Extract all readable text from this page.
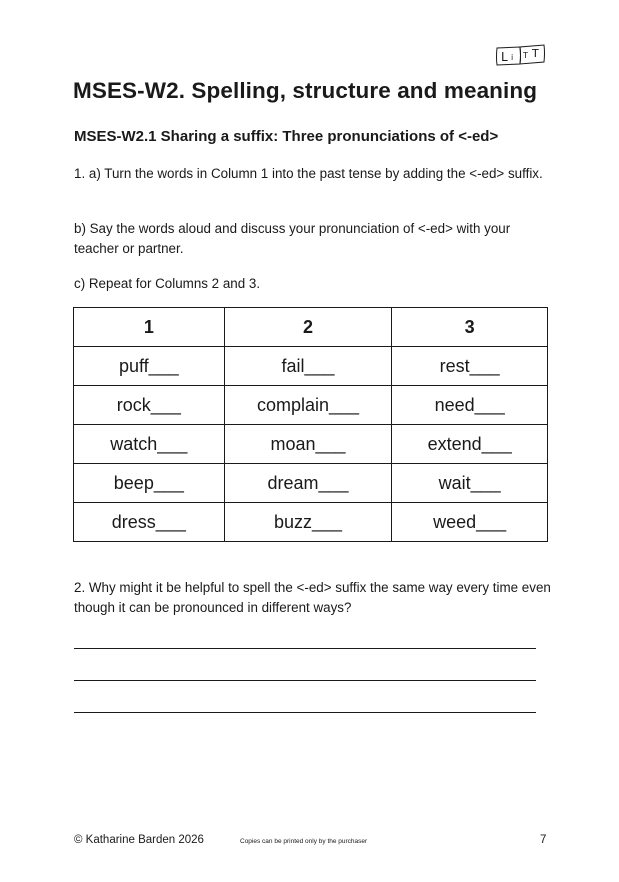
L i T T
MSES-W2. Spelling, structure and meaning
MSES-W2.1 Sharing a suffix: Three pronunciations of <-ed>
1. a) Turn the words in Column 1 into the past tense by adding the <-ed> suffix.
b) Say the words aloud and discuss your pronunciation of <-ed> with your teacher or partner.
c) Repeat for Columns 2 and 3.
1	2	3
puff___	fail___	rest___
rock___	complain___	need___
watch___	moan___	extend___
beep___	dream___	wait___
dress___	buzz___	weed___
2. Why might it be helpful to spell the <-ed> suffix the same way every time even though it can be pronounced in different ways?
© Katharine Barden 2026	Copies can be printed only by the purchaser	7
